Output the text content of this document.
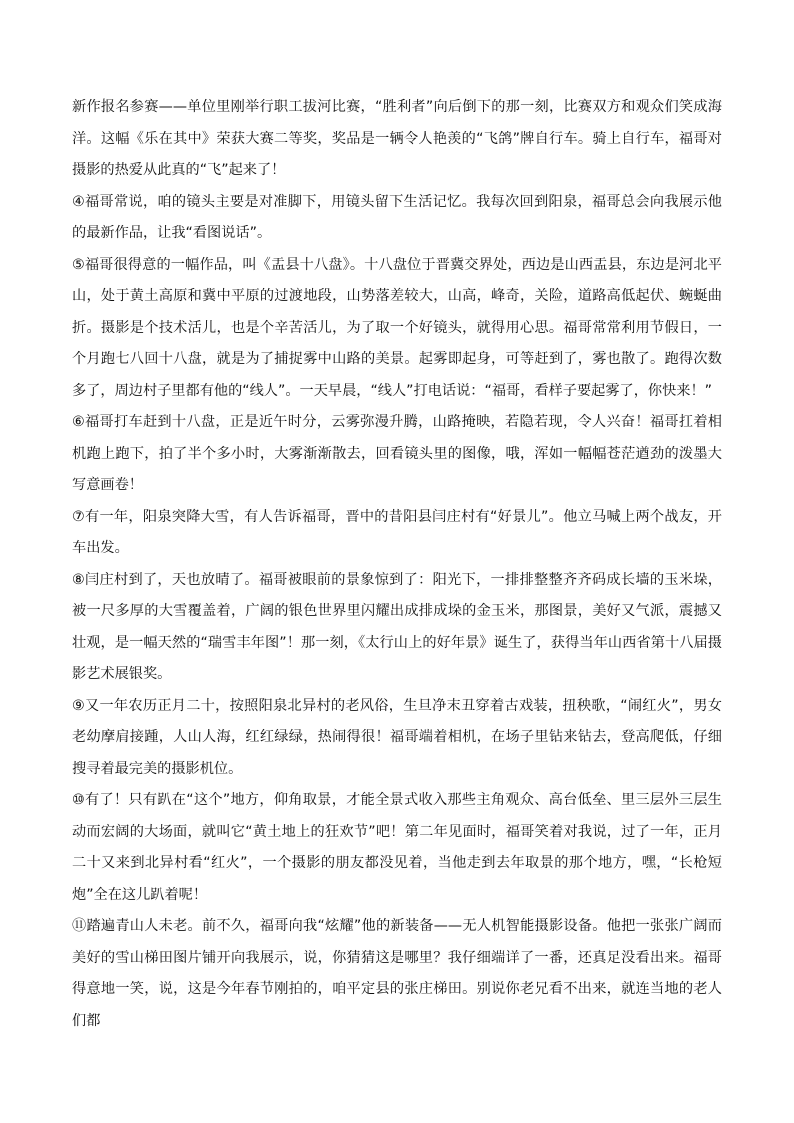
新作报名参赛——单位里刚举行职工拔河比赛，“胜利者”向后倒下的那一刻，比赛双方和观众们笑成海洋。这幅《乐在其中》荣获大赛二等奖，奖品是一辆令人艳羡的“飞鸽”牌自行车。骑上自行车，福哥对摄影的热爱从此真的“飞”起来了！

④福哥常说，咱的镜头主要是对准脚下，用镜头留下生活记忆。我每次回到阳泉，福哥总会向我展示他的最新作品，让我“看图说话”。

⑤福哥很得意的一幅作品，叫《盂县十八盘》。十八盘位于晋冀交界处，西边是山西盂县，东边是河北平山，处于黄土高原和冀中平原的过渡地段，山势落差较大，山高，峰奇，关险，道路高低起伏、蜿蜒曲折。摄影是个技术活儿，也是个辛苦活儿，为了取一个好镜头，就得用心思。福哥常常利用节假日，一个月跑七八回十八盘，就是为了捕捉雾中山路的美景。起雾即起身，可等赶到了，雾也散了。跑得次数多了，周边村子里都有他的“线人”。一天早晨，“线人”打电话说：“福哥，看样子要起雾了，你快来！”

⑥福哥打车赶到十八盘，正是近午时分，云雾弥漫升腾，山路掩映，若隐若现，令人兴奋！福哥扛着相机跑上跑下，拍了半个多小时，大雾渐渐散去，回看镜头里的图像，哦，浑如一幅幅苍茫遒劲的泼墨大写意画卷！

⑦有一年，阳泉突降大雪，有人告诉福哥，晋中的昔阳县闫庄村有“好景儿”。他立马喊上两个战友，开车出发。

⑧闫庄村到了，天也放晴了。福哥被眼前的景象惊到了：阳光下，一排排整整齐齐码成长墙的玉米垛，被一尺多厚的大雪覆盖着，广阔的银色世界里闪耀出成排成垛的金玉米，那图景，美好又气派，震撼又壮观，是一幅天然的“瑞雪丰年图”！那一刻，《太行山上的好年景》诞生了，获得当年山西省第十八届摄影艺术展银奖。

⑨又一年农历正月二十，按照阳泉北异村的老风俗，生旦净末丑穿着古戏装，扭秧歌，“闹红火”，男女老幼摩肩接踵，人山人海，红红绿绿，热闹得很！福哥端着相机，在场子里钻来钻去，登高爬低，仔细搜寻着最完美的摄影机位。

⑩有了！只有趴在“这个”地方，仰角取景，才能全景式收入那些主角观众、高台低垒、里三层外三层生动而宏阔的大场面，就叫它“黄土地上的狂欢节”吧！第二年见面时，福哥笑着对我说，过了一年，正月二十又来到北异村看“红火”，一个摄影的朋友都没见着，当他走到去年取景的那个地方，嘿，“长枪短炮”全在这儿趴着呢！

⑪踏遍青山人未老。前不久，福哥向我“炫耀”他的新装备——无人机智能摄影设备。他把一张张广阔而美好的雪山梯田图片铺开向我展示，说，你猜猜这是哪里？我仔细端详了一番，还真足没看出来。福哥得意地一笑，说，这是今年春节刚拍的，咱平定县的张庄梯田。别说你老兄看不出来，就连当地的老人们都
